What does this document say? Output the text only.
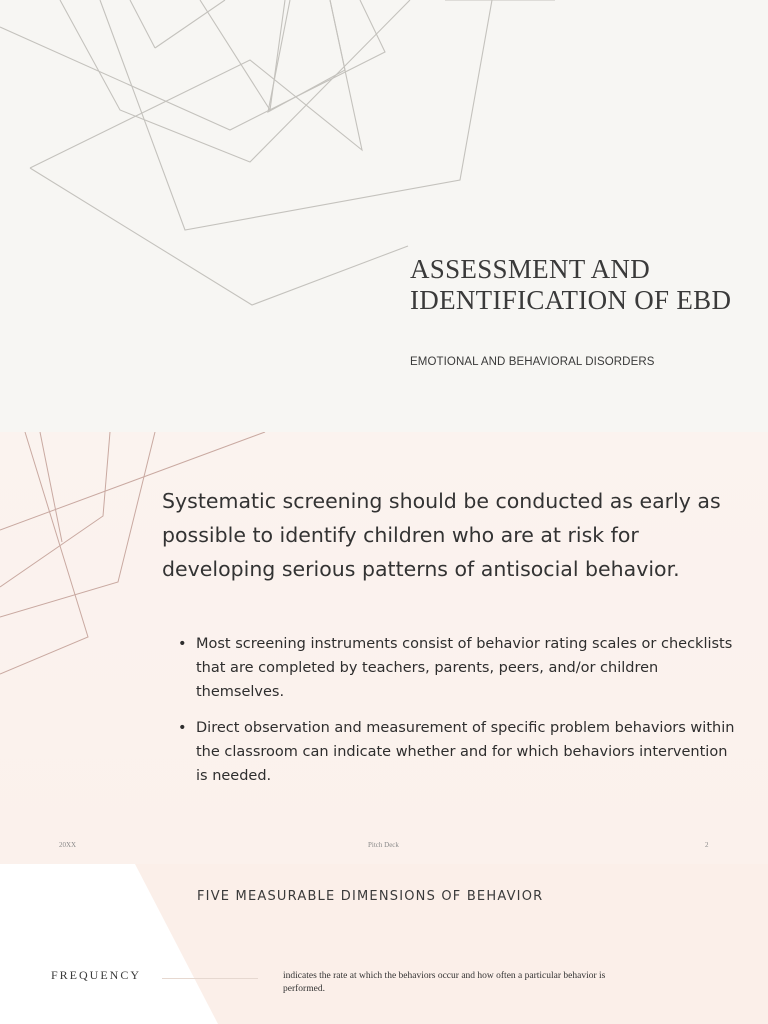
ASSESSMENT AND IDENTIFICATION OF EBD
EMOTIONAL AND BEHAVIORAL DISORDERS

Systematic screening should be conducted as early as possible to identify children who are at risk for developing serious patterns of antisocial behavior.

• Most screening instruments consist of behavior rating scales or checklists that are completed by teachers, parents, peers, and/or children themselves.
• Direct observation and measurement of specific problem behaviors within the classroom can indicate whether and for which behaviors intervention is needed.
20XX	Pitch Deck	2
FIVE MEASURABLE DIMENSIONS OF BEHAVIOR
FREQUENCY	indicates the rate at which the behaviors occur and how often a particular behavior is performed.
